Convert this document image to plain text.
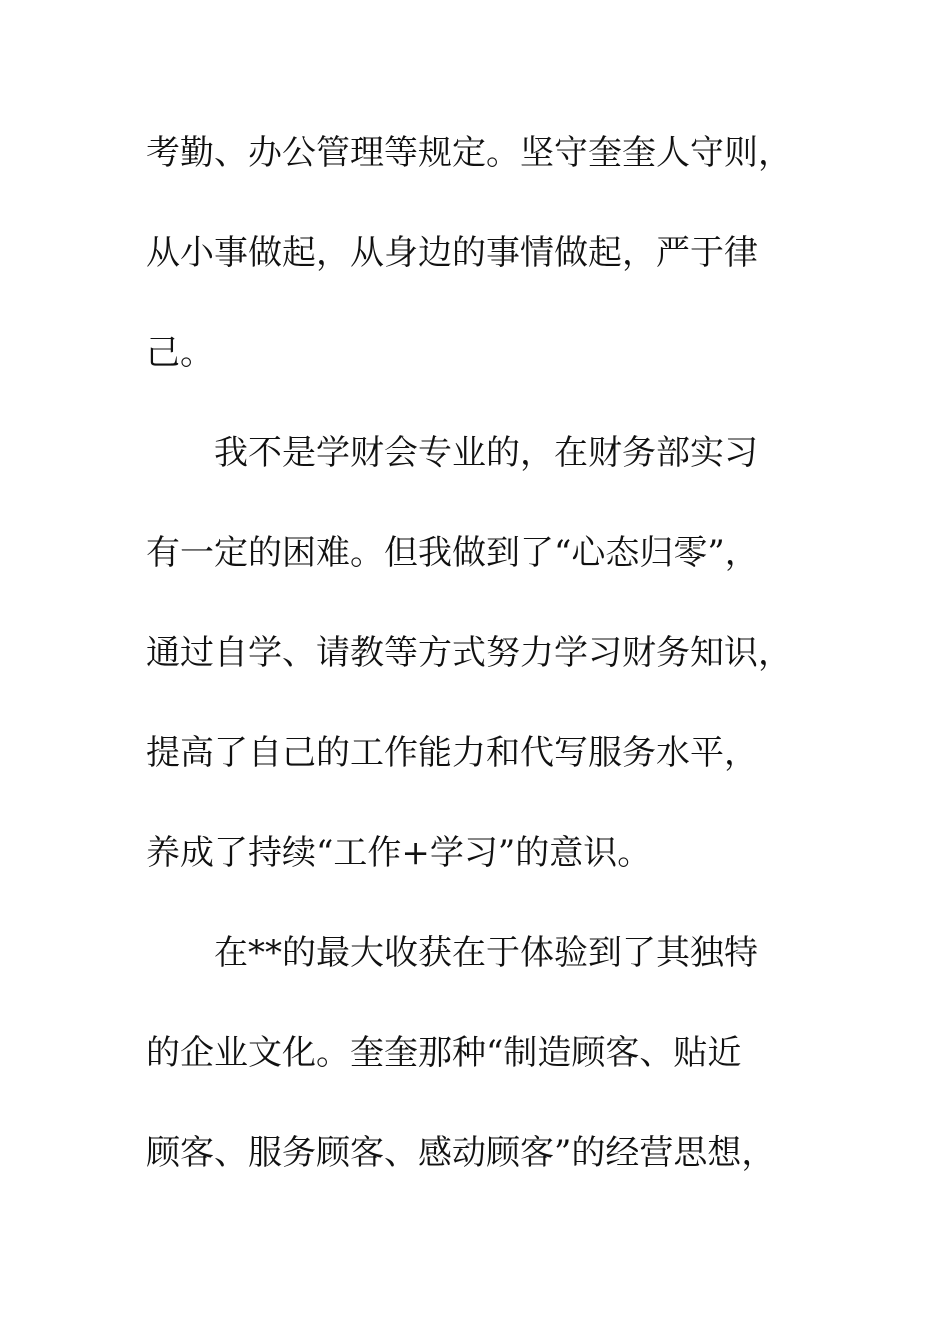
考勤、办公管理等规定。坚守奎奎人守则，
从小事做起，从身边的事情做起，严于律
己。
我不是学财会专业的，在财务部实习
有一定的困难。但我做到了“心态归零”，
通过自学、请教等方式努力学习财务知识，
提高了自己的工作能力和代写服务水平，
养成了持续“工作+学习”的意识。
在**的最大收获在于体验到了其独特
的企业文化。奎奎那种“制造顾客、贴近
顾客、服务顾客、感动顾客”的经营思想，
